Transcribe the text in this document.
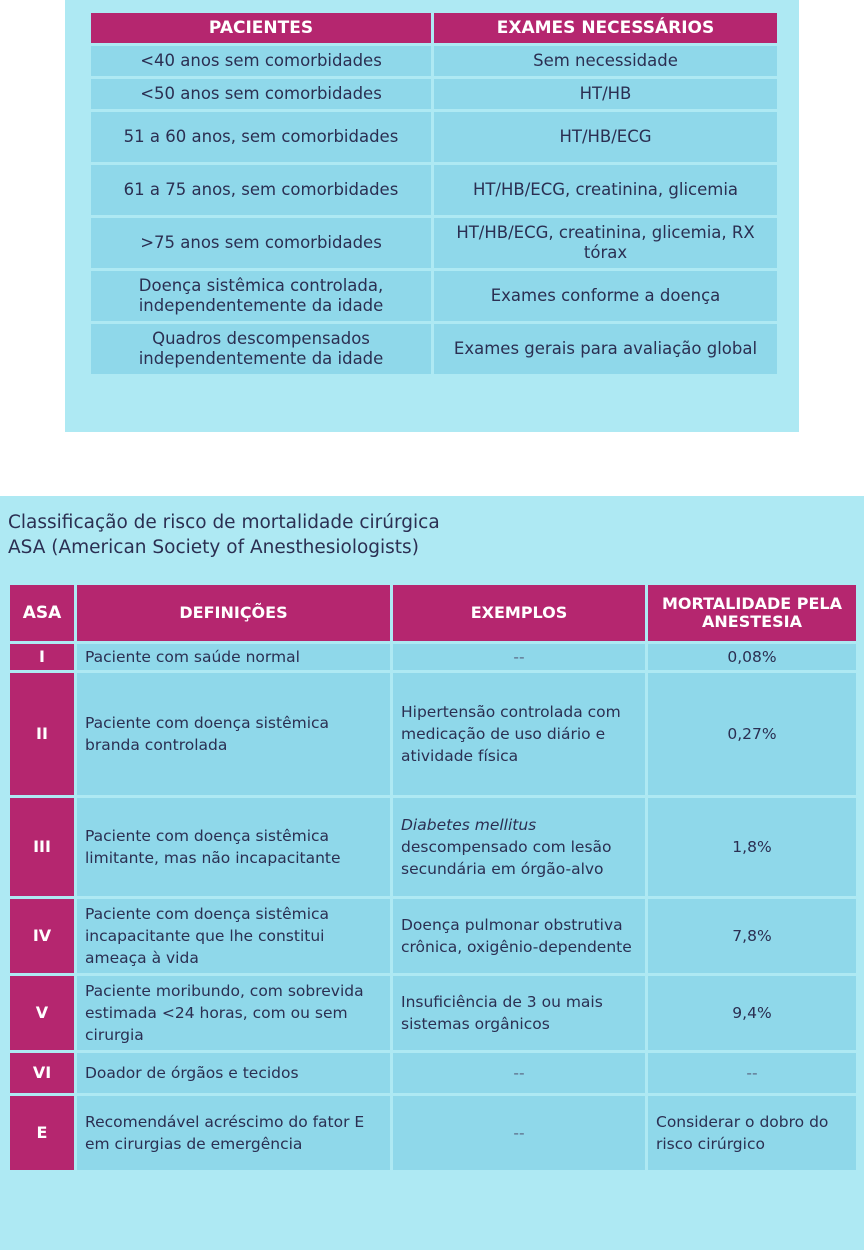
PACIENTES	EXAMES NECESSÁRIOS
<40 anos sem comorbidades	Sem necessidade
<50 anos sem comorbidades	HT/HB
51 a 60 anos, sem comorbidades	HT/HB/ECG
61 a 75 anos, sem comorbidades	HT/HB/ECG, creatinina, glicemia
>75 anos sem comorbidades	HT/HB/ECG, creatinina, glicemia, RX tórax
Doença sistêmica controlada, independentemente da idade	Exames conforme a doença
Quadros descompensados independentemente da idade	Exames gerais para avaliação global
Classificação de risco de mortalidade cirúrgica
ASA (American Society of Anesthesiologists)
ASA	DEFINIÇÕES	EXEMPLOS	MORTALIDADE PELA ANESTESIA
I	Paciente com saúde normal	--	0,08%
II	Paciente com doença sistêmica branda controlada	Hipertensão controlada com medicação de uso diário e atividade física	0,27%
III	Paciente com doença sistêmica limitante, mas não incapacitante	Diabetes mellitus descompensado com lesão secundária em órgão-alvo	1,8%
IV	Paciente com doença sistêmica incapacitante que lhe constitui ameaça à vida	Doença pulmonar obstrutiva crônica, oxigênio-dependente	7,8%
V	Paciente moribundo, com sobrevida estimada <24 horas, com ou sem cirurgia	Insuficiência de 3 ou mais sistemas orgânicos	9,4%
VI	Doador de órgãos e tecidos	--	--
E	Recomendável acréscimo do fator E em cirurgias de emergência	--	Considerar o dobro do risco cirúrgico
